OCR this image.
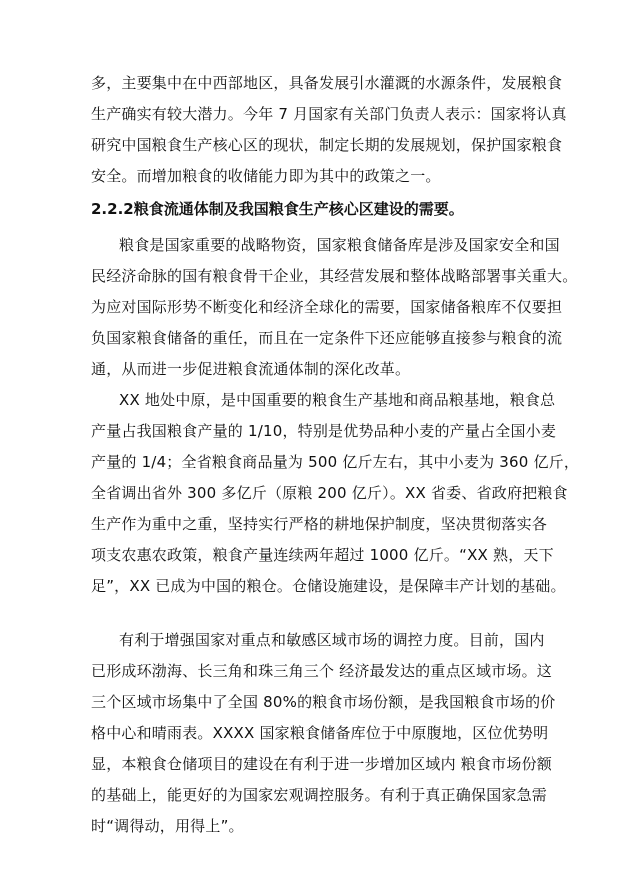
多，主要集中在中西部地区，具备发展引水灌溉的水源条件，发展粮食
生产确实有较大潜力。今年 7 月国家有关部门负责人表示：国家将认真
研究中国粮食生产核心区的现状，制定长期的发展规划，保护国家粮食
安全。而增加粮食的收储能力即为其中的政策之一。
2.2.2粮食流通体制及我国粮食生产核心区建设的需要。
粮食是国家重要的战略物资，国家粮食储备库是涉及国家安全和国
民经济命脉的国有粮食骨干企业，其经营发展和整体战略部署事关重大。
为应对国际形势不断变化和经济全球化的需要，国家储备粮库不仅要担
负国家粮食储备的重任，而且在一定条件下还应能够直接参与粮食的流
通，从而进一步促进粮食流通体制的深化改革。
XX 地处中原，是中国重要的粮食生产基地和商品粮基地，粮食总
产量占我国粮食产量的 1/10，特别是优势品种小麦的产量占全国小麦
产量的 1/4；全省粮食商品量为 500 亿斤左右，其中小麦为 360 亿斤，
全省调出省外 300 多亿斤（原粮 200 亿斤）。XX 省委、省政府把粮食
生产作为重中之重，坚持实行严格的耕地保护制度，坚决贯彻落实各
项支农惠农政策，粮食产量连续两年超过 1000 亿斤。“XX 熟，天下
足”，XX 已成为中国的粮仓。仓储设施建设，是保障丰产计划的基础。
有利于增强国家对重点和敏感区域市场的调控力度。目前，国内
已形成环渤海、长三角和珠三角三个 经济最发达的重点区域市场。这
三个区域市场集中了全国 80%的粮食市场份额，是我国粮食市场的价
格中心和晴雨表。XXXX 国家粮食储备库位于中原腹地，区位优势明
显，本粮食仓储项目的建设在有利于进一步增加区域内 粮食市场份额
的基础上，能更好的为国家宏观调控服务。有利于真正确保国家急需
时“调得动，用得上”。
